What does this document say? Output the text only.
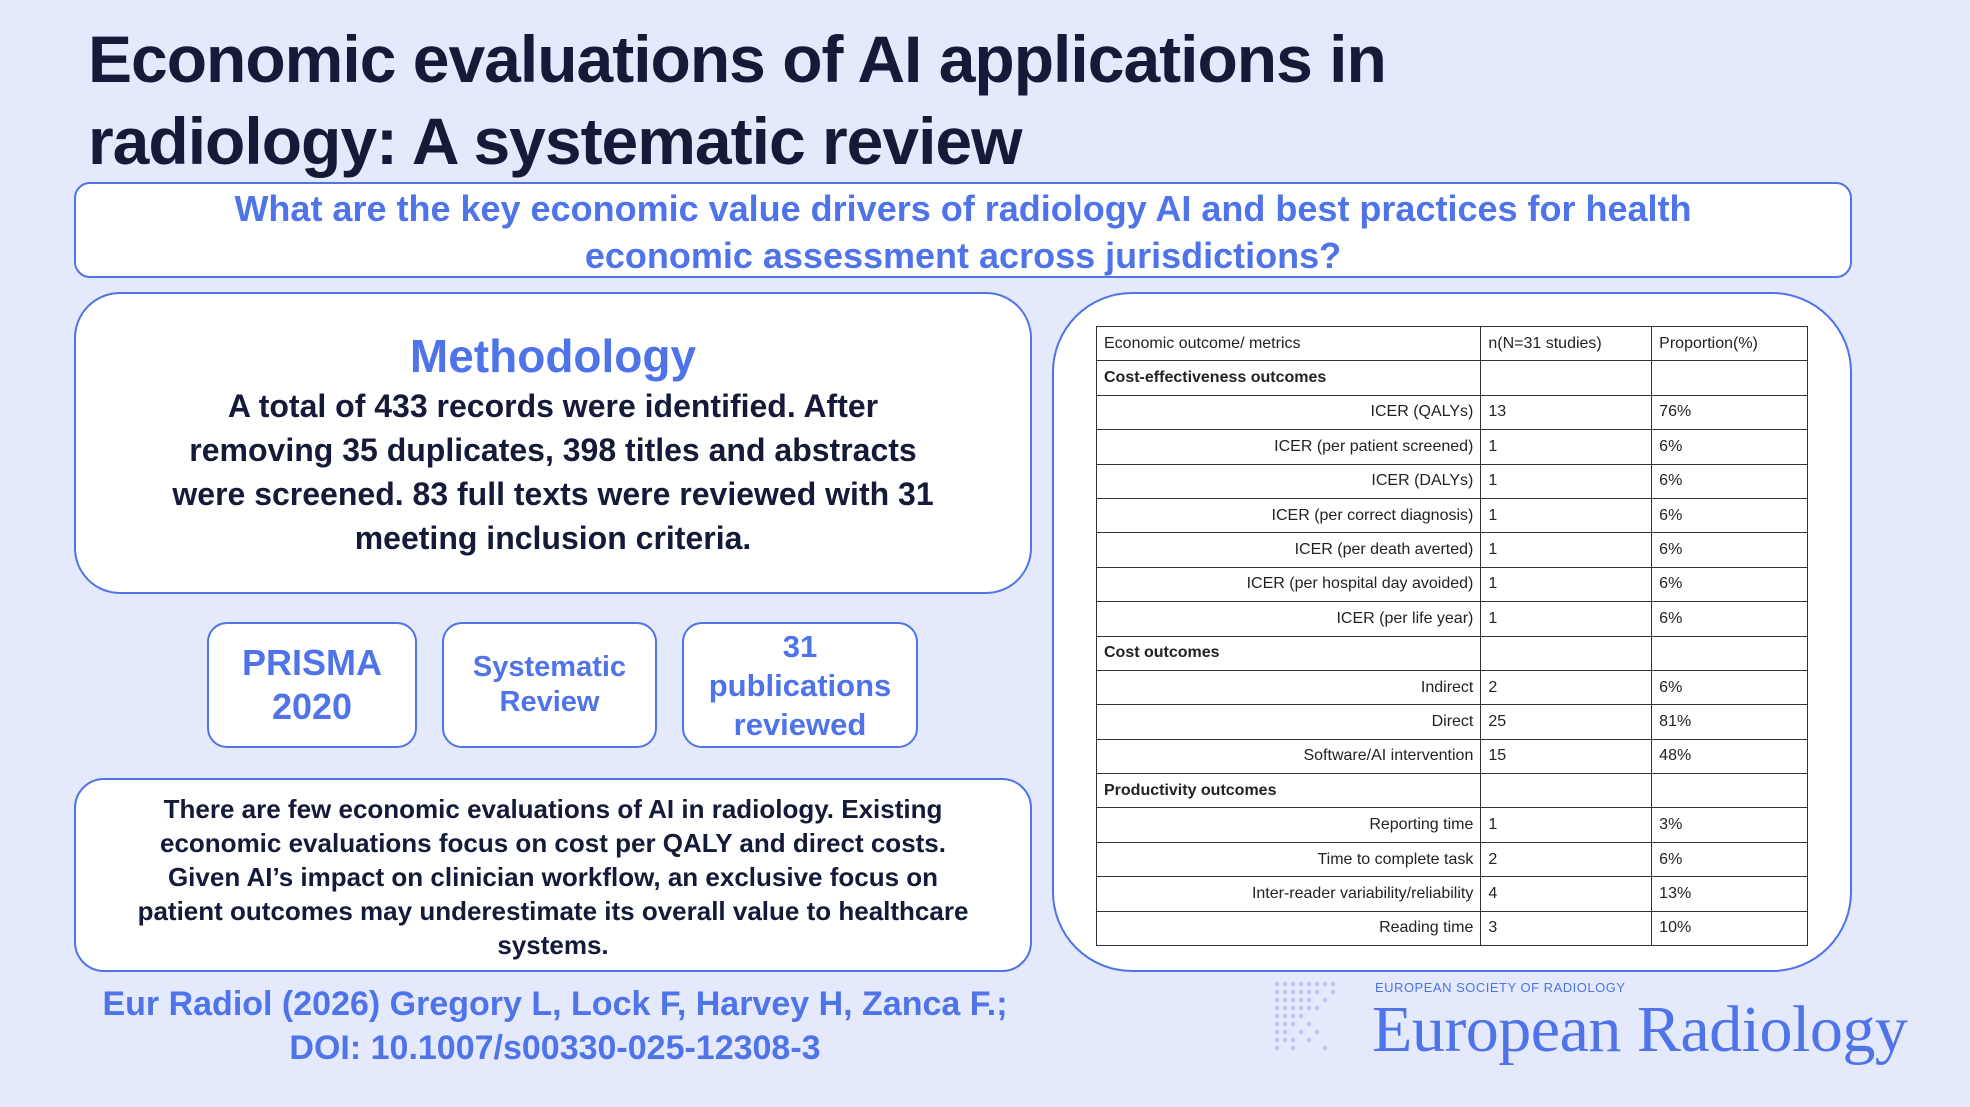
Economic evaluations of AI applications in
radiology: A systematic review
What are the key economic value drivers of radiology AI and best practices for health
economic assessment across jurisdictions?
Methodology
A total of 433 records were identified. After
removing 35 duplicates, 398 titles and abstracts
were screened. 83 full texts were reviewed with 31
meeting inclusion criteria.
PRISMA
2020
Systematic
Review
31
publications
reviewed
There are few economic evaluations of AI in radiology. Existing
economic evaluations focus on cost per QALY and direct costs.
Given AI’s impact on clinician workflow, an exclusive focus on
patient outcomes may underestimate its overall value to healthcare
systems.
Eur Radiol (2026) Gregory L, Lock F, Harvey H, Zanca F.;
DOI: 10.1007/s00330-025-12308-3
Economic outcome/ metrics	n(N=31 studies)	Proportion(%)
Cost-effectiveness outcomes		
ICER (QALYs)	13	76%
ICER (per patient screened)	1	6%
ICER (DALYs)	1	6%
ICER (per correct diagnosis)	1	6%
ICER (per death averted)	1	6%
ICER (per hospital day avoided)	1	6%
ICER (per life year)	1	6%
Cost outcomes		
Indirect	2	6%
Direct	25	81%
Software/AI intervention	15	48%
Productivity outcomes		
Reporting time	1	3%
Time to complete task	2	6%
Inter-reader variability/reliability	4	13%
Reading time	3	10%
EUROPEAN SOCIETY OF RADIOLOGY
European Radiology
